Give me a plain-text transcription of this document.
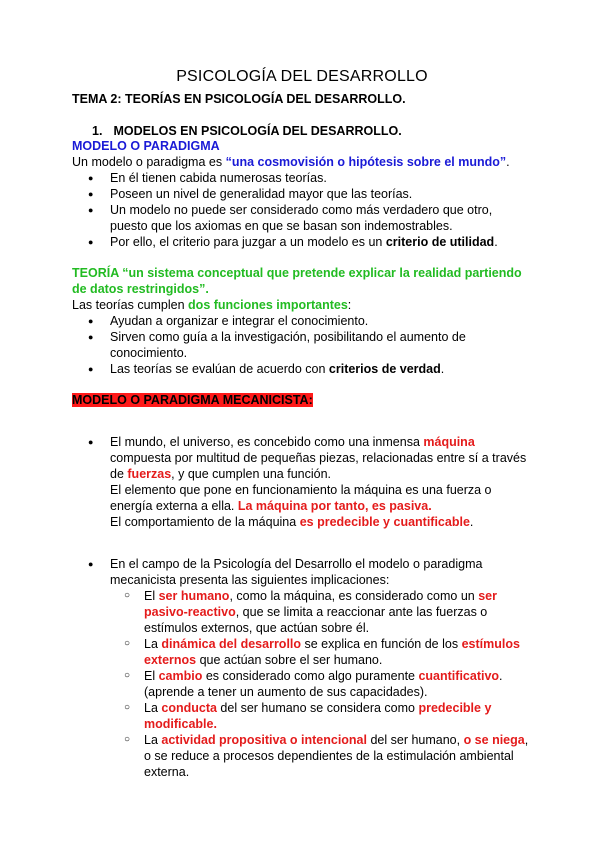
PSICOLOGÍA DEL DESARROLLO
TEMA 2: TEORÍAS EN PSICOLOGÍA DEL DESARROLLO.
1. MODELOS EN PSICOLOGÍA DEL DESARROLLO.

MODELO O PARADIGMA

Un modelo o paradigma es “una cosmovisión o hipótesis sobre el mundo”.

● En él tienen cabida numerosas teorías.
● Poseen un nivel de generalidad mayor que las teorías.
● Un modelo no puede ser considerado como más verdadero que otro, puesto que los axiomas en que se basan son indemostrables.
● Por ello, el criterio para juzgar a un modelo es un criterio de utilidad.

TEORÍA “un sistema conceptual que pretende explicar la realidad partiendo de datos restringidos”.

Las teorías cumplen dos funciones importantes:

● Ayudan a organizar e integrar el conocimiento.
● Sirven como guía a la investigación, posibilitando el aumento de conocimiento.
● Las teorías se evalúan de acuerdo con criterios de verdad.

MODELO O PARADIGMA MECANICISTA:

● El mundo, el universo, es concebido como una inmensa máquina compuesta por multitud de pequeñas piezas, relacionadas entre sí a través de fuerzas, y que cumplen una función.
El elemento que pone en funcionamiento la máquina es una fuerza o energía externa a ella. La máquina por tanto, es pasiva.
El comportamiento de la máquina es predecible y cuantificable.
● En el campo de la Psicología del Desarrollo el modelo o paradigma mecanicista presenta las siguientes implicaciones:
○ El ser humano, como la máquina, es considerado como un ser pasivo-reactivo, que se limita a reaccionar ante las fuerzas o estímulos externos, que actúan sobre él.
○ La dinámica del desarrollo se explica en función de los estímulos externos que actúan sobre el ser humano.
○ El cambio es considerado como algo puramente cuantificativo. (aprende a tener un aumento de sus capacidades).
○ La conducta del ser humano se considera como predecible y modificable.
○ La actividad propositiva o intencional del ser humano, o se niega, o se reduce a procesos dependientes de la estimulación ambiental externa.
